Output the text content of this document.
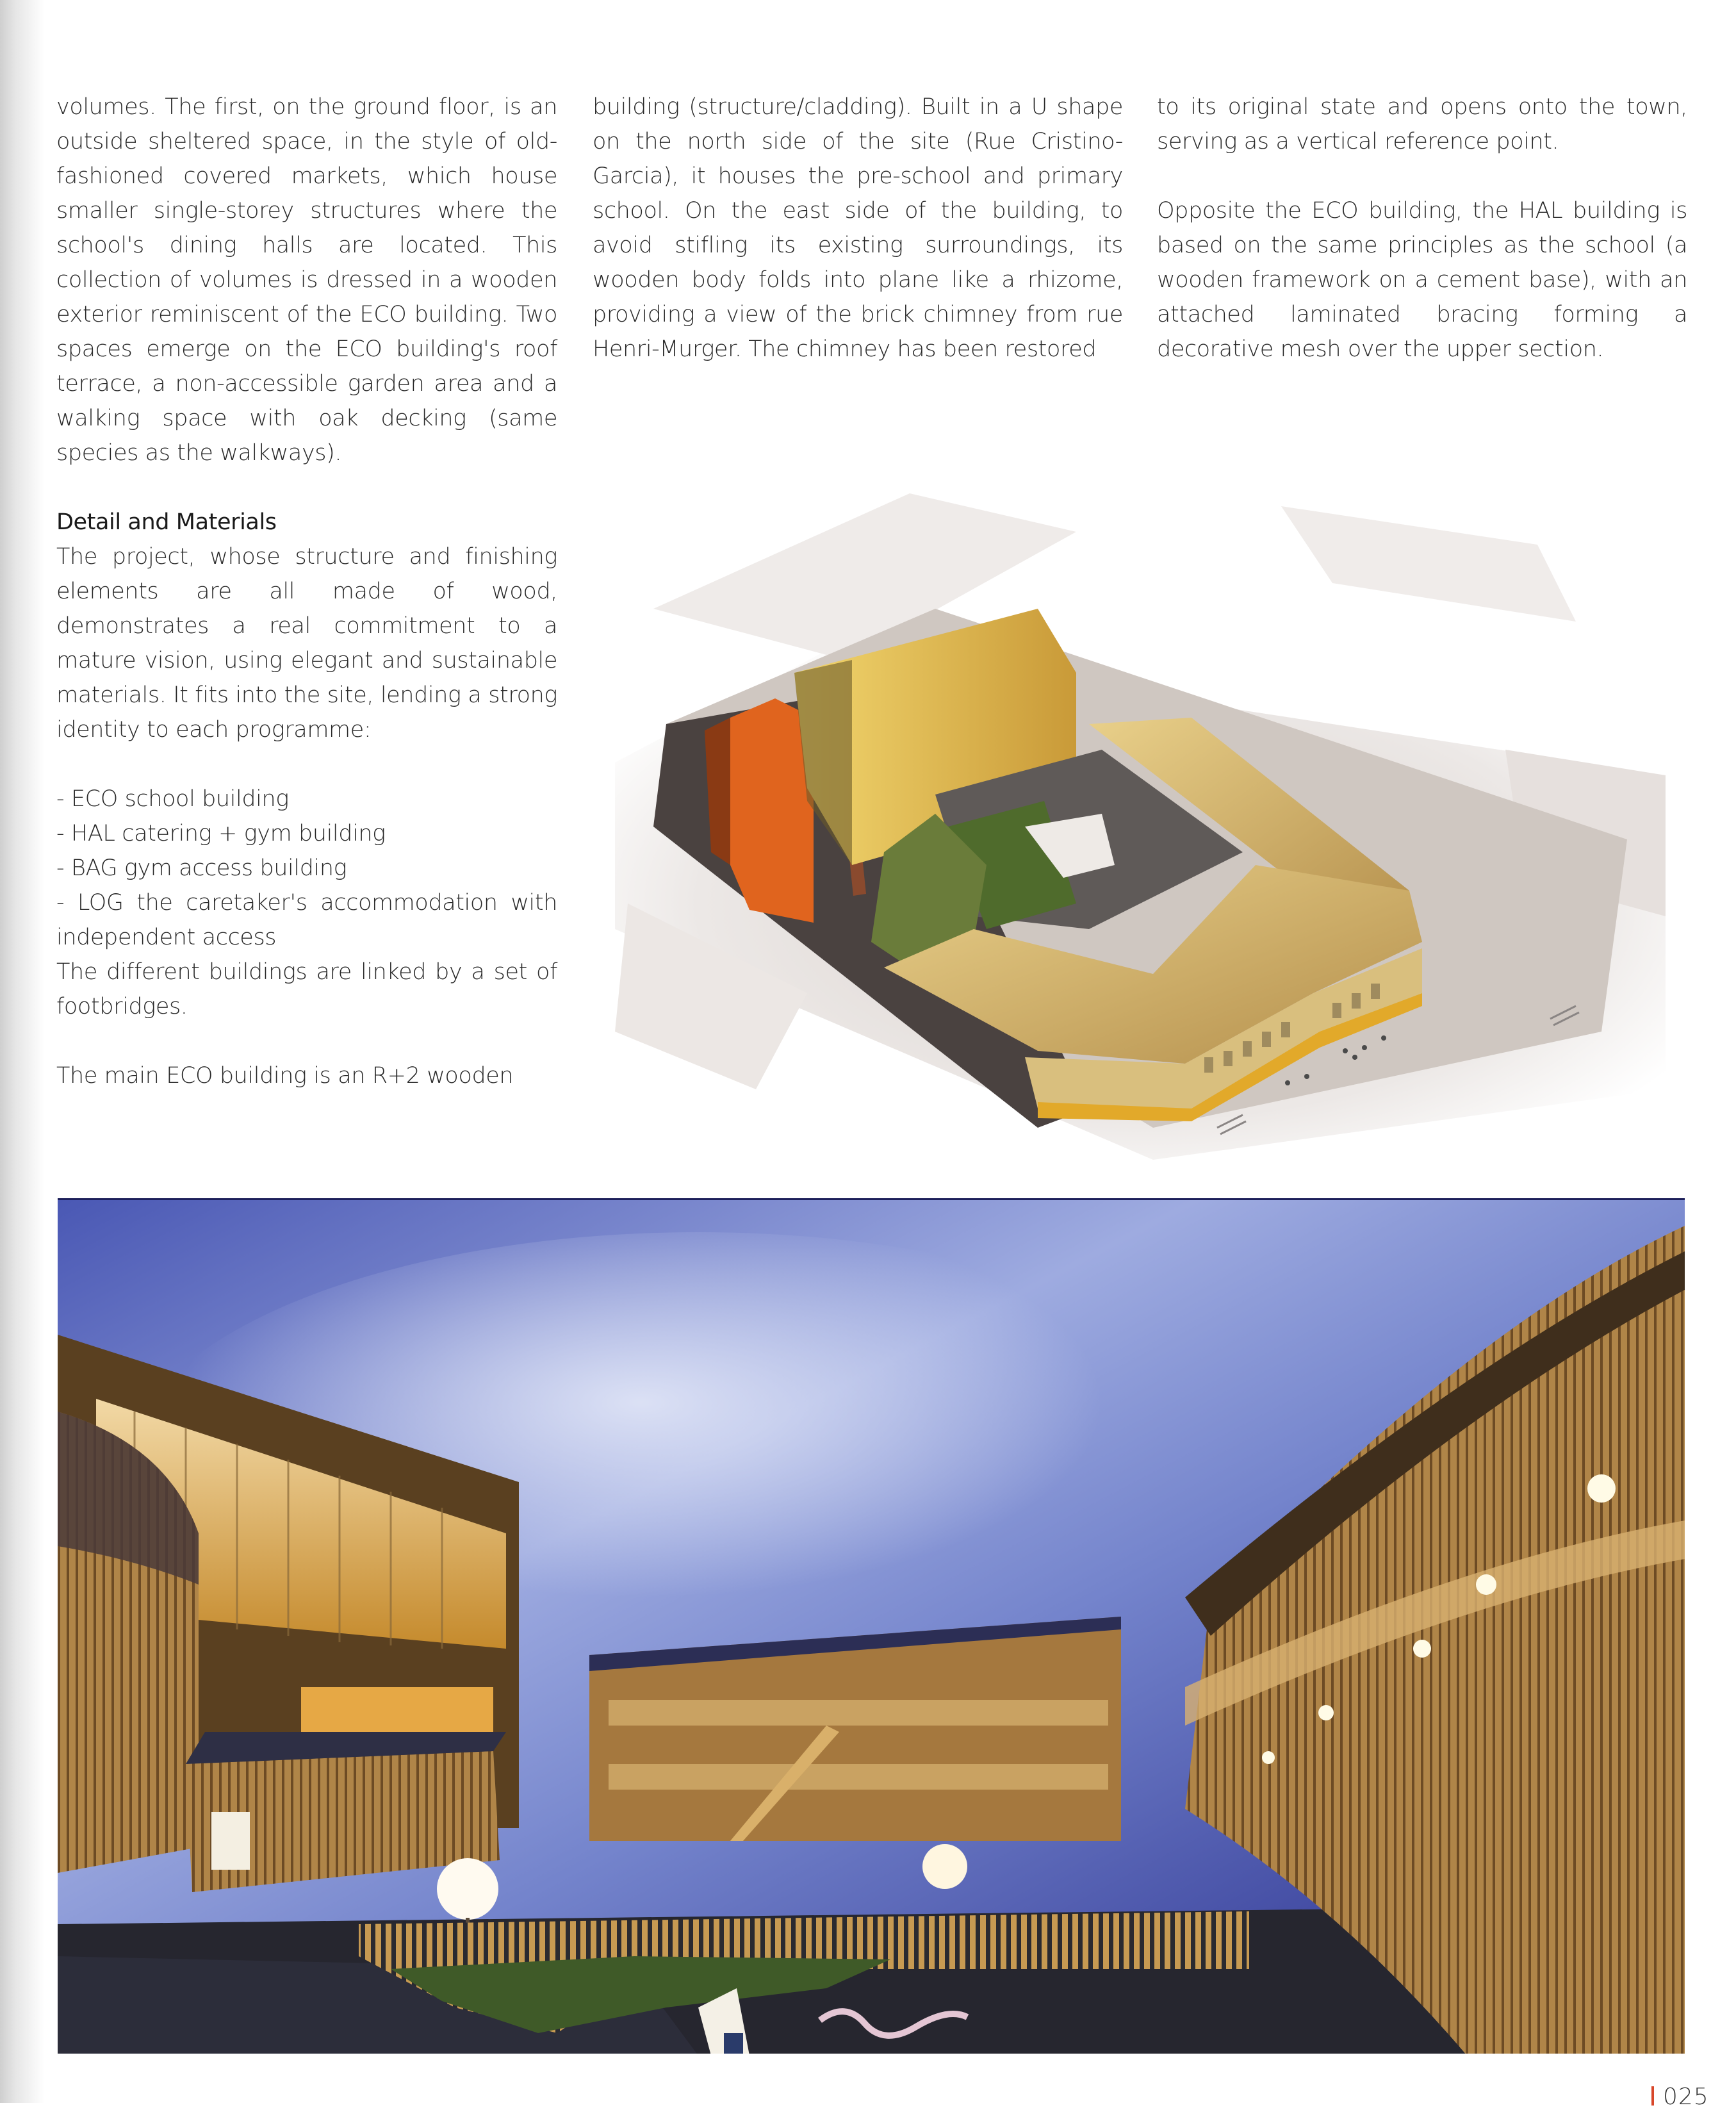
volumes. The first, on the ground floor, is an outside sheltered space, in the style of old-fashioned covered markets, which house smaller single-storey structures where the school's dining halls are located. This collection of volumes is dressed in a wooden exterior reminiscent of the ECO building. Two spaces emerge on the ECO building's roof terrace, a non-accessible garden area and a walking space with oak decking (same species as the walkways).

Detail and Materials

The project, whose structure and finishing elements are all made of wood, demonstrates a real commitment to a mature vision, using elegant and sustainable materials. It fits into the site, lending a strong identity to each programme:

- ECO school building
- HAL catering + gym building
- BAG gym access building
- LOG the caretaker's accommodation with independent access

The different buildings are linked by a set of footbridges.

The main ECO building is an R+2 wooden

building (structure/cladding). Built in a U shape on the north side of the site (Rue Cristino-Garcia), it houses the pre-school and primary school. On the east side of the building, to avoid stifling its existing surroundings, its wooden body folds into plane like a rhizome, providing a view of the brick chimney from rue Henri-Murger. The chimney has been restored

to its original state and opens onto the town, serving as a vertical reference point.

Opposite the ECO building, the HAL building is based on the same principles as the school (a wooden framework on a cement base), with an attached laminated bracing forming a decorative mesh over the upper section.

025
